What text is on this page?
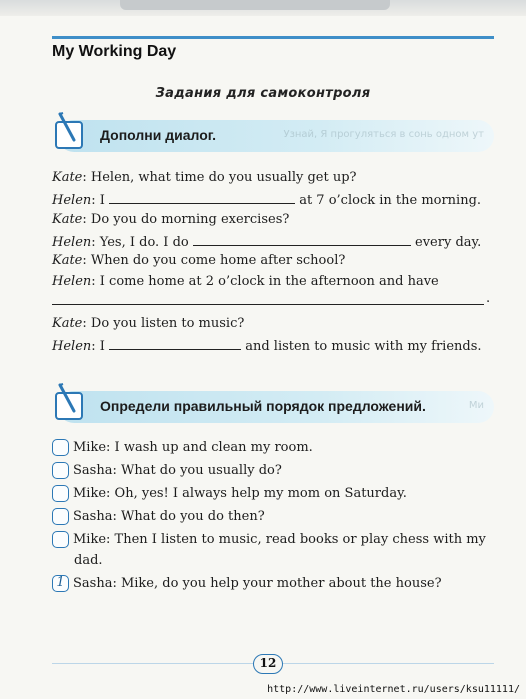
My Working Day
Задания для самоконтроля
Узнай, Я прогуляться в сонь одном ут
Дополни диалог.
Kate: Helen, what time do you usually get up?
Helen: I	at 7 o’clock in the morning.
Kate: Do you do morning exercises?
Helen: Yes, I do. I do	every day.
Kate: When do you come home after school?
Helen: I come home at 2 o’clock in the afternoon and have
.
Kate: Do you listen to music?
Helen: I	and listen to music with my friends.
Ми
Определи правильный порядок предложений.
Mike: I wash up and clean my room.
Sasha: What do you usually do?
Mike: Oh, yes! I always help my mom on Saturday.
Sasha: What do you do then?
Mike: Then I listen to music, read books or play chess with my
dad.
1 Sasha: Mike, do you help your mother about the house?
12
http://www.liveinternet.ru/users/ksu11111/
